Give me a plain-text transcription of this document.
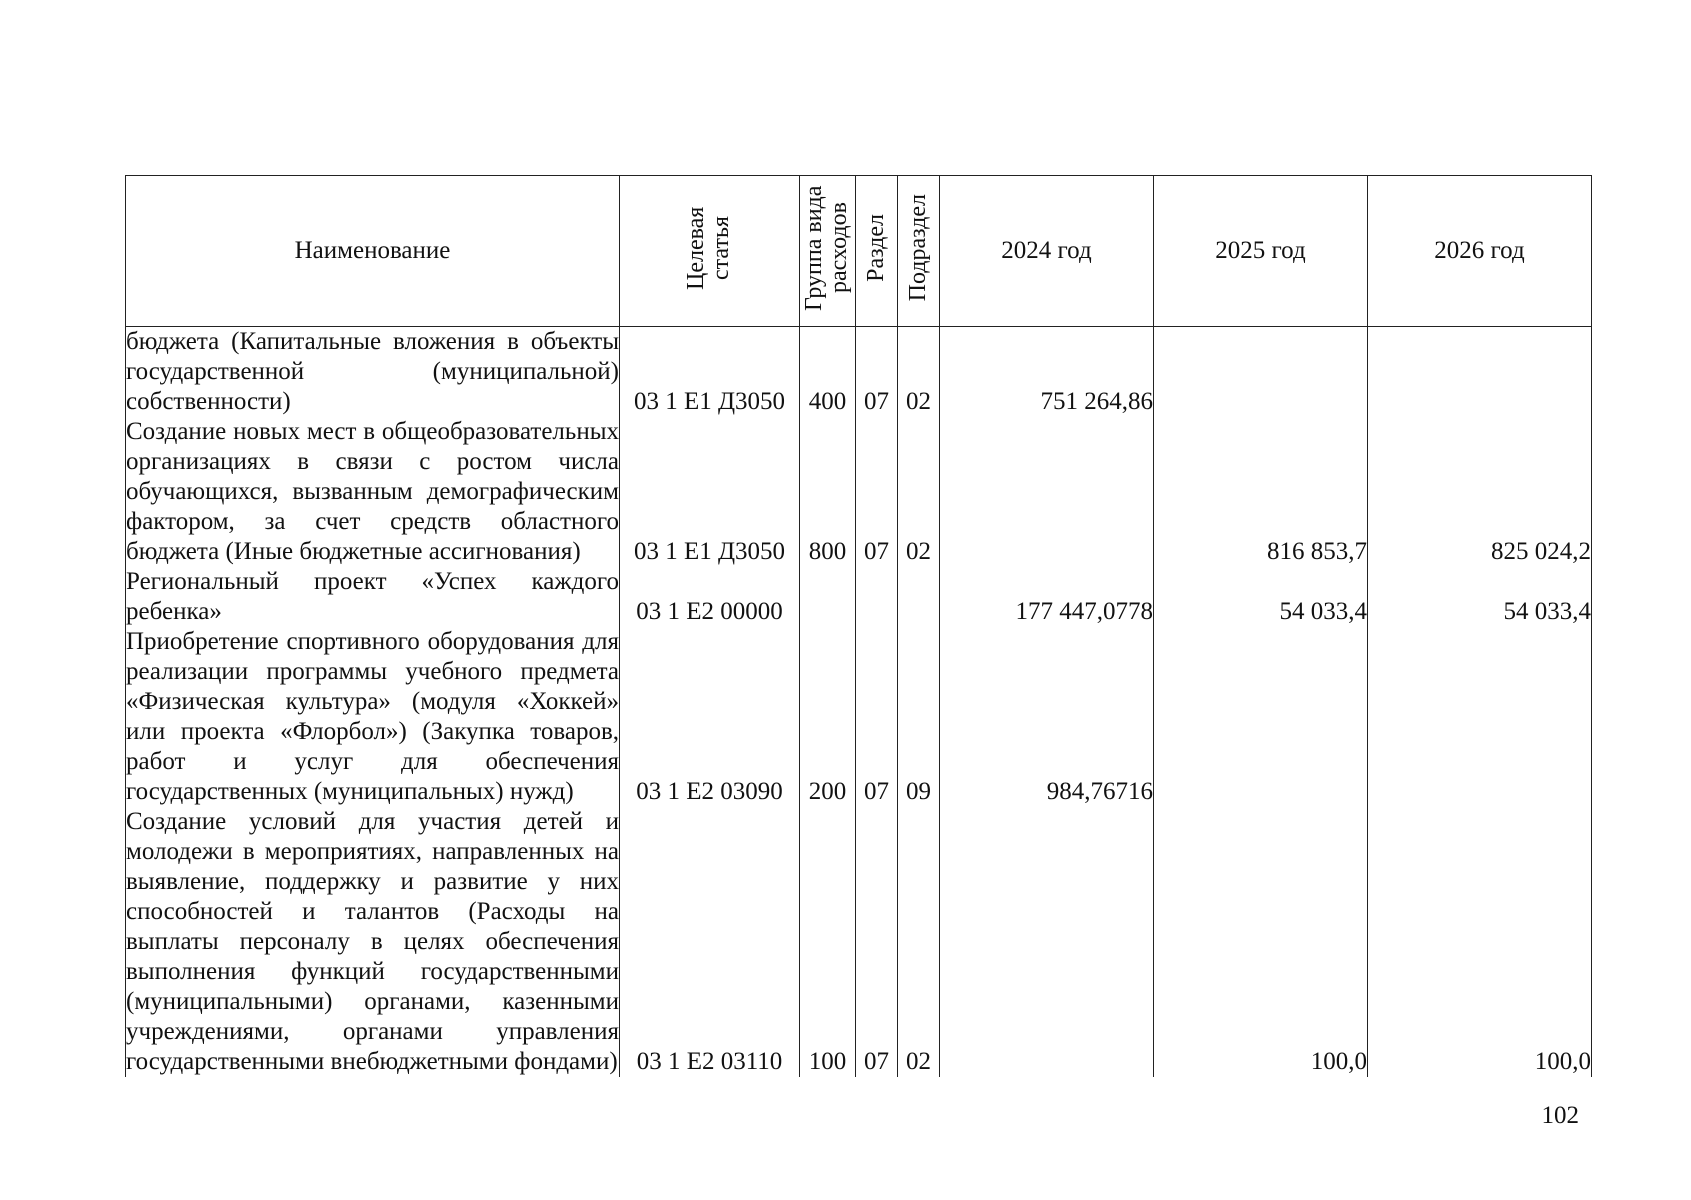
Наименование	Целевая статья	Группа вида расходов	Раздел	Подраздел	2024 год	2025 год	2026 год
бюджета (Капитальные вложения в объекты государственной (муниципальной) собственности)	03 1 Е1 Д3050	400	07	02	751 264,86		
Создание новых мест в общеобразовательных организациях в связи с ростом числа обучающихся, вызванным демографическим фактором, за счет средств областного бюджета (Иные бюджетные ассигнования)	03 1 Е1 Д3050	800	07	02		816 853,7	825 024,2
Региональный проект «Успех каждого ребенка»	03 1 Е2 00000				177 447,0778	54 033,4	54 033,4
Приобретение спортивного оборудования для реализации программы учебного предмета «Физическая культура» (модуля «Хоккей» или проекта «Флорбол») (Закупка товаров, работ и услуг для обеспечения государственных (муниципальных) нужд)	03 1 Е2 03090	200	07	09	984,76716		
Создание условий для участия детей и молодежи в мероприятиях, направленных на выявление, поддержку и развитие у них способностей и талантов (Расходы на выплаты персоналу в целях обеспечения выполнения функций государственными (муниципальными) органами, казенными учреждениями, органами управления государственными внебюджетными фондами)	03 1 Е2 03110	100	07	02		100,0	100,0
102
